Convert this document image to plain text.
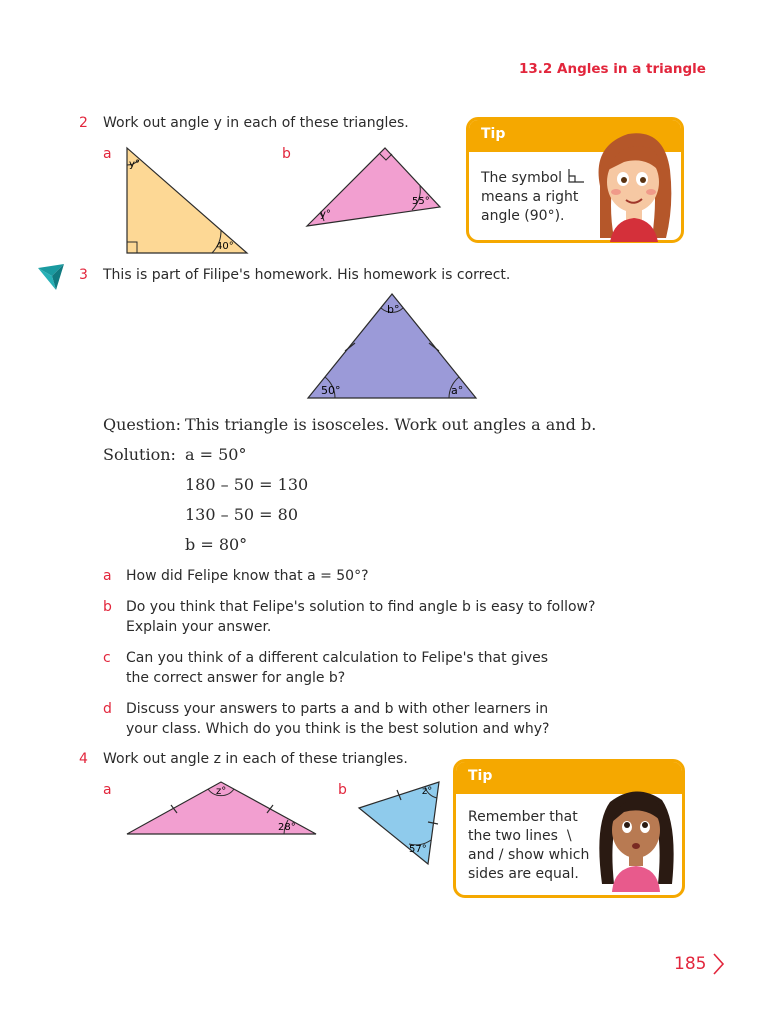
13.2 Angles in a triangle
2 Work out angle y in each of these triangles.
a	b
y°
40°
y°
55°
Tip
The symbol
means a right
angle (90°).
3 This is part of Filipe's homework. His homework is correct.
b°
50°	a°
Question: This triangle is isosceles. Work out angles a and b.
Solution: a = 50°
180 – 50 = 130
130 – 50 = 80
b = 80°
a How did Felipe know that a = 50°?
b Do you think that Felipe's solution to find angle b is easy to follow? Explain your answer.
c Can you think of a different calculation to Felipe's that gives the correct answer for angle b?
d Discuss your answers to parts a and b with other learners in your class. Which do you think is the best solution and why?
4 Work out angle z in each of these triangles.
a	b
z°
28°
z°
57°
Tip
Remember that
the two lines  \
and / show which
sides are equal.
185
